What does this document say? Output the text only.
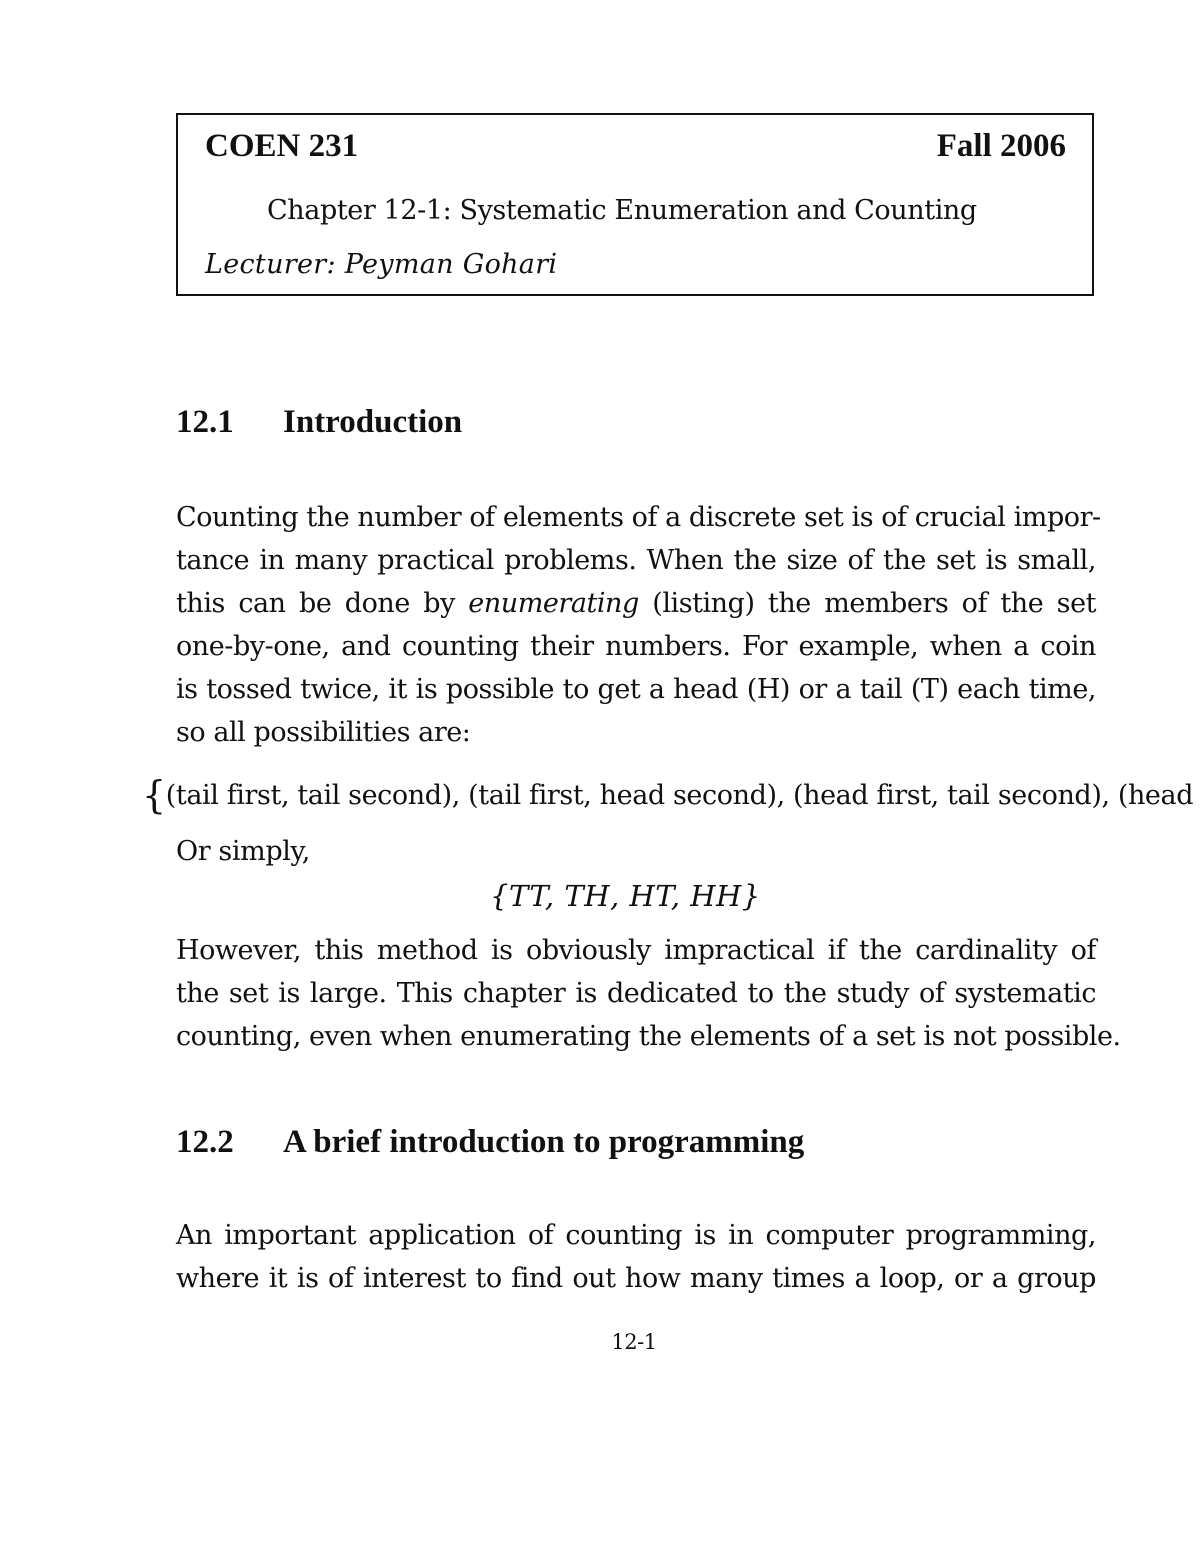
COEN 231	Fall 2006
Chapter 12-1: Systematic Enumeration and Counting
Lecturer: Peyman Gohari
12.1 Introduction
Counting the number of elements of a discrete set is of crucial impor-
tance in many practical problems. When the size of the set is small,
this can be done by enumerating (listing) the members of the set
one-by-one, and counting their numbers. For example, when a coin
is tossed twice, it is possible to get a head (H) or a tail (T) each time,
so all possibilities are:
{(tail first, tail second), (tail first, head second), (head first, tail second), (head
Or simply,
{TT, TH, HT, HH}
However, this method is obviously impractical if the cardinality of
the set is large. This chapter is dedicated to the study of systematic
counting, even when enumerating the elements of a set is not possible.
12.2 A brief introduction to programming
An important application of counting is in computer programming,
where it is of interest to find out how many times a loop, or a group
12-1
